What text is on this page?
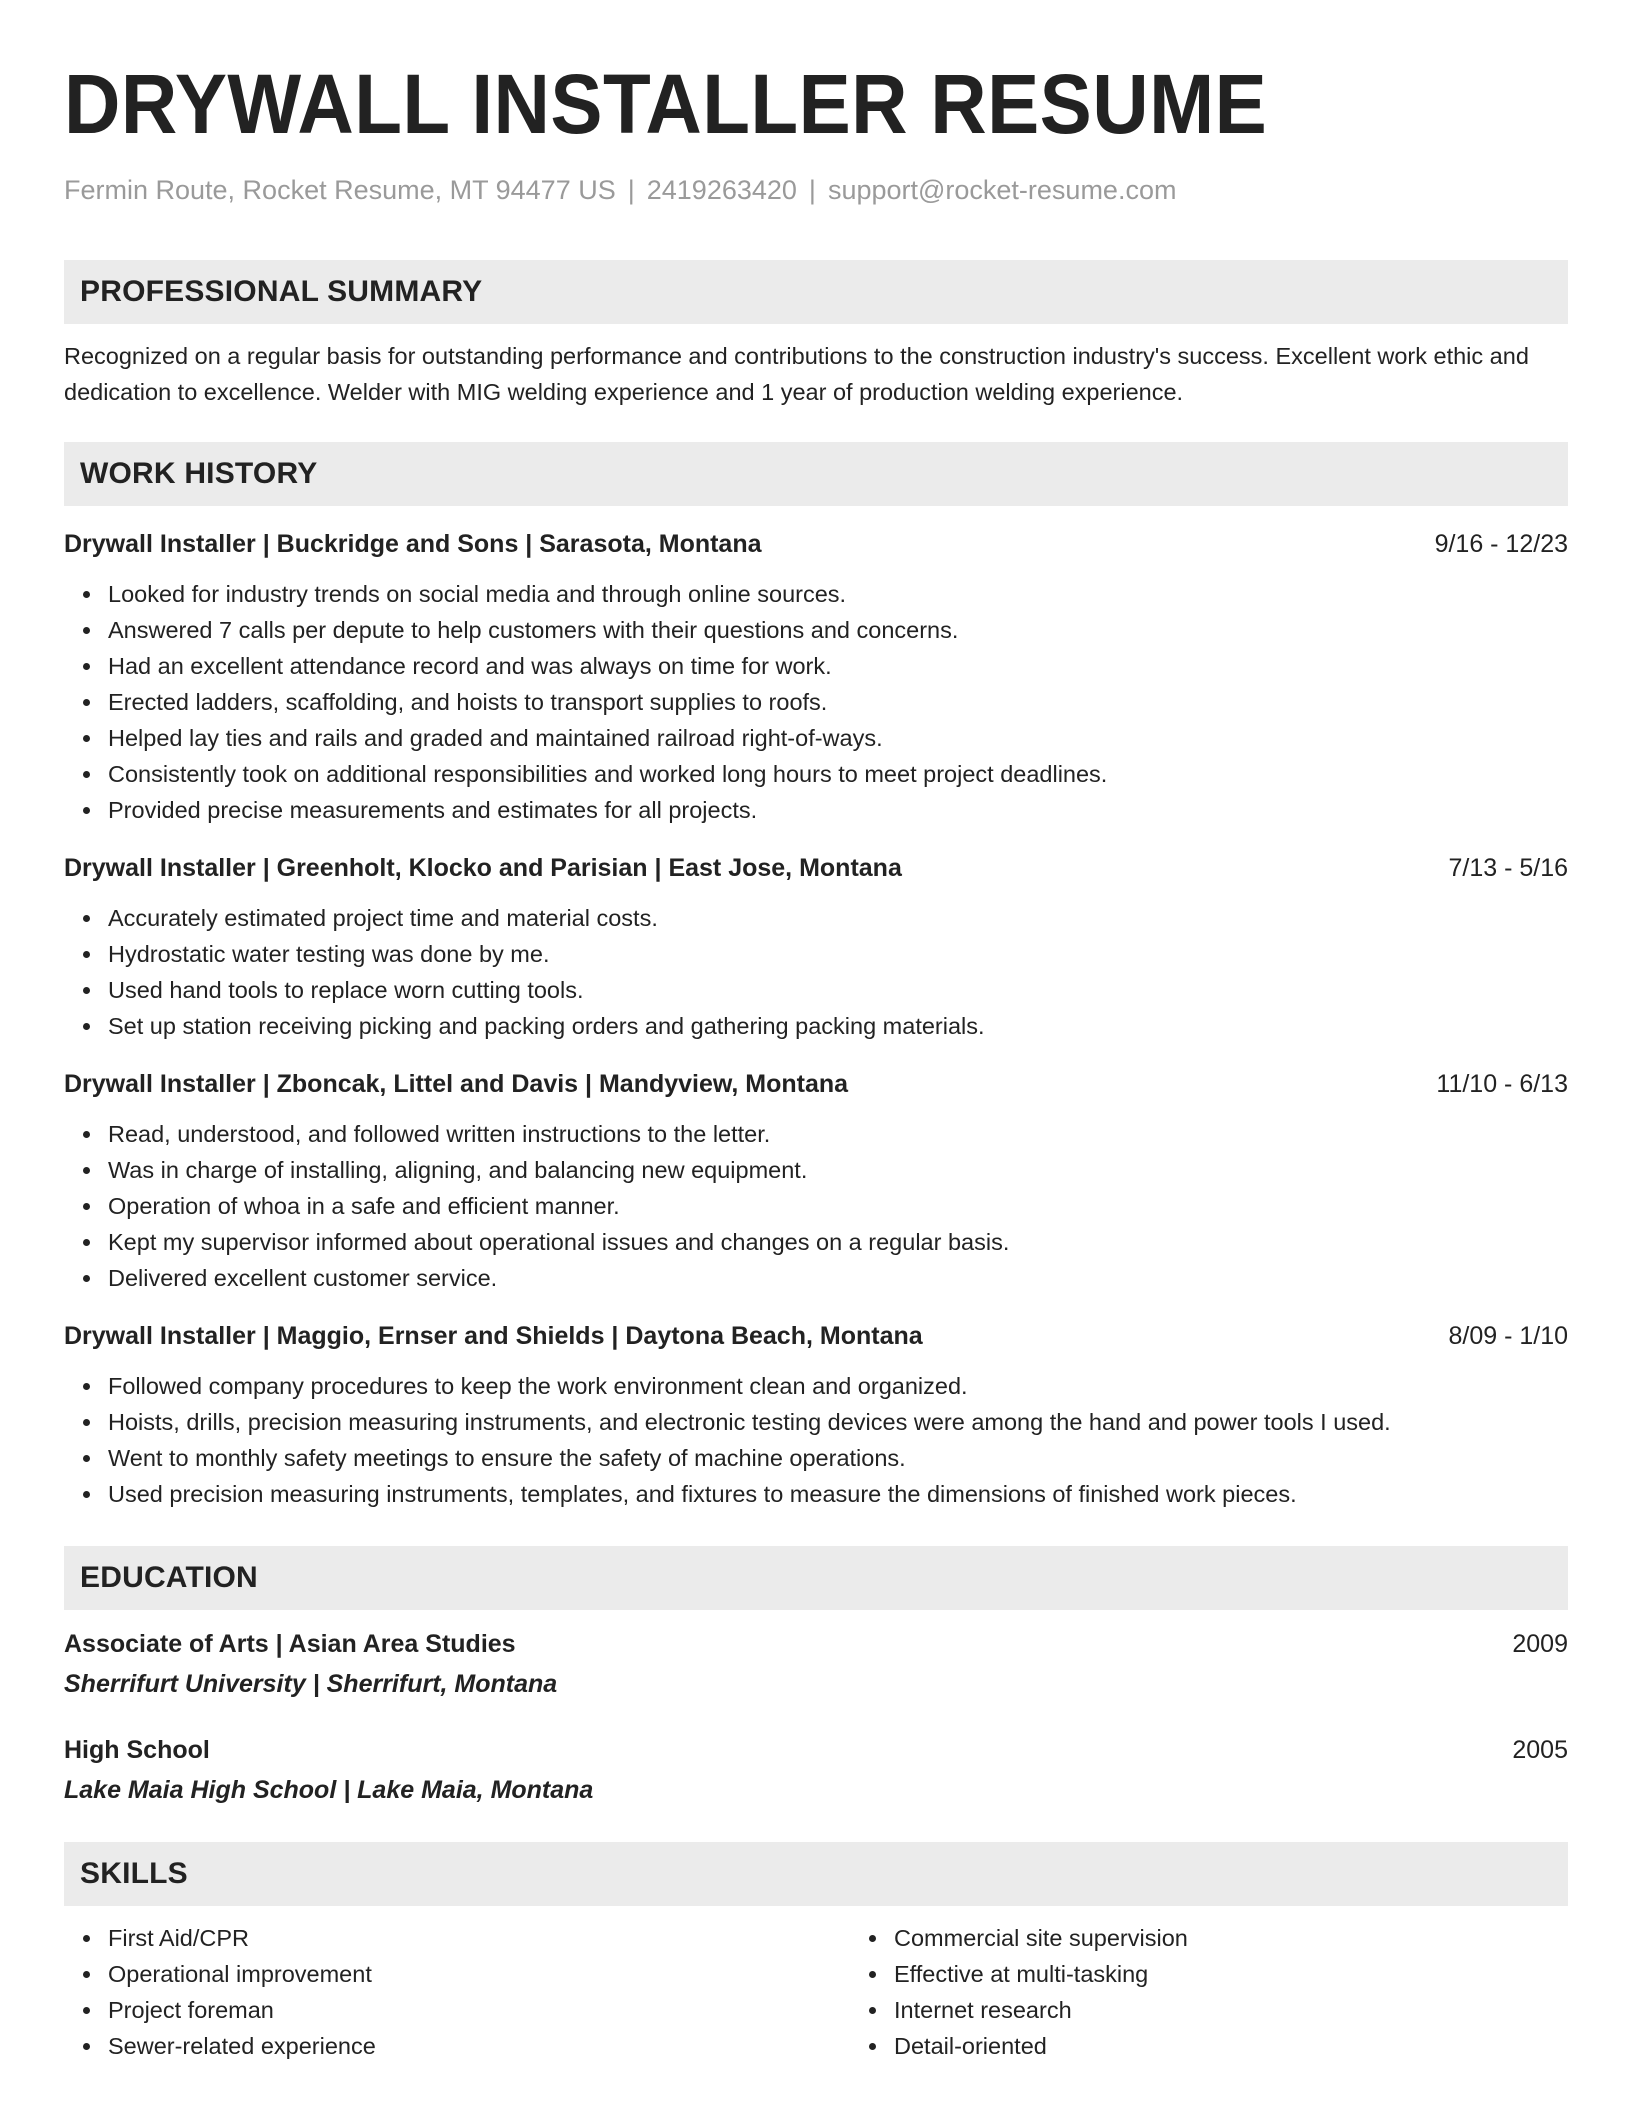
DRYWALL INSTALLER RESUME
Fermin Route, Rocket Resume, MT 94477 US | 2419263420 | support@rocket-resume.com
PROFESSIONAL SUMMARY
Recognized on a regular basis for outstanding performance and contributions to the construction industry's success. Excellent work ethic and dedication to excellence. Welder with MIG welding experience and 1 year of production welding experience.
WORK HISTORY
Drywall Installer | Buckridge and Sons | Sarasota, Montana	9/16 - 12/23
Looked for industry trends on social media and through online sources.
Answered 7 calls per depute to help customers with their questions and concerns.
Had an excellent attendance record and was always on time for work.
Erected ladders, scaffolding, and hoists to transport supplies to roofs.
Helped lay ties and rails and graded and maintained railroad right-of-ways.
Consistently took on additional responsibilities and worked long hours to meet project deadlines.
Provided precise measurements and estimates for all projects.
Drywall Installer | Greenholt, Klocko and Parisian | East Jose, Montana	7/13 - 5/16
Accurately estimated project time and material costs.
Hydrostatic water testing was done by me.
Used hand tools to replace worn cutting tools.
Set up station receiving picking and packing orders and gathering packing materials.
Drywall Installer | Zboncak, Littel and Davis | Mandyview, Montana	11/10 - 6/13
Read, understood, and followed written instructions to the letter.
Was in charge of installing, aligning, and balancing new equipment.
Operation of whoa in a safe and efficient manner.
Kept my supervisor informed about operational issues and changes on a regular basis.
Delivered excellent customer service.
Drywall Installer | Maggio, Ernser and Shields | Daytona Beach, Montana	8/09 - 1/10
Followed company procedures to keep the work environment clean and organized.
Hoists, drills, precision measuring instruments, and electronic testing devices were among the hand and power tools I used.
Went to monthly safety meetings to ensure the safety of machine operations.
Used precision measuring instruments, templates, and fixtures to measure the dimensions of finished work pieces.
EDUCATION
Associate of Arts | Asian Area Studies	2009
Sherrifurt University | Sherrifurt, Montana
High School	2005
Lake Maia High School | Lake Maia, Montana
SKILLS
First Aid/CPR
Operational improvement
Project foreman
Sewer-related experience
Commercial site supervision
Effective at multi-tasking
Internet research
Detail-oriented
